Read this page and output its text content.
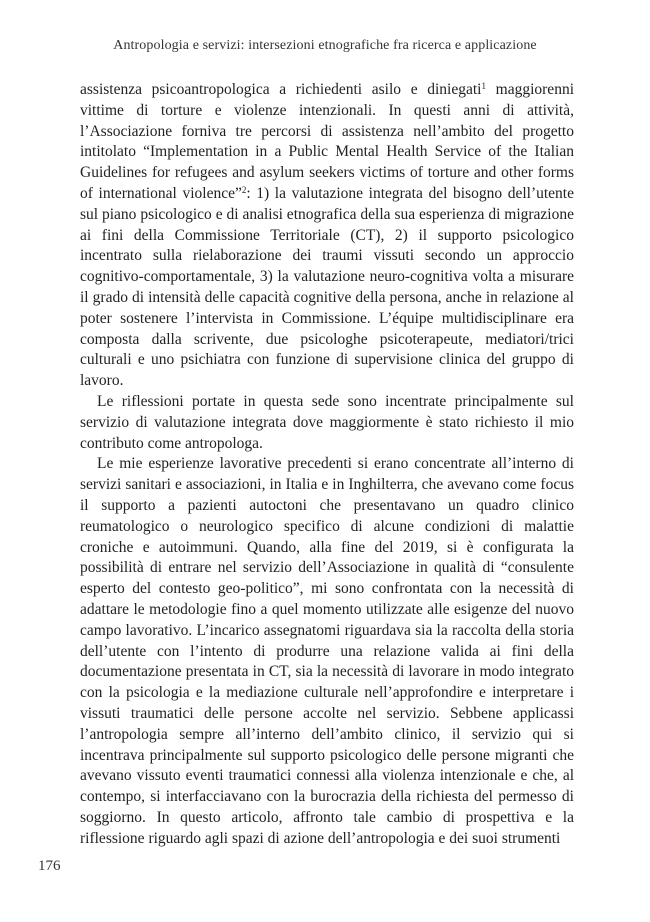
Antropologia e servizi: intersezioni etnografiche fra ricerca e applicazione

assistenza psicoantropologica a richiedenti asilo e diniegati$^1$ maggiorenni vittime di torture e violenze intenzionali. In questi anni di attività, l’Associazione forniva tre percorsi di assistenza nell’ambito del progetto intitolato “Implementation in a Public Mental Health Service of the Italian Guidelines for refugees and asylum seekers victims of torture and other forms of international violence”$^2$: 1) la valutazione integrata del bisogno dell’utente sul piano psicologico e di analisi etnografica della sua esperienza di migrazione ai fini della Commissione Territoriale (CT), 2) il supporto psicologico incentrato sulla rielaborazione dei traumi vissuti secondo un approccio cognitivo-comportamentale, 3) la valutazione neuro-cognitiva volta a misurare il grado di intensità delle capacità cognitive della persona, anche in relazione al poter sostenere l’intervista in Commissione. L’équipe multidisciplinare era composta dalla scrivente, due psicologhe psicoterapeute, mediatori/trici culturali e uno psichiatra con funzione di supervisione clinica del gruppo di lavoro.

Le riflessioni portate in questa sede sono incentrate principalmente sul servizio di valutazione integrata dove maggiormente è stato richiesto il mio contributo come antropologa.

Le mie esperienze lavorative precedenti si erano concentrate all’interno di servizi sanitari e associazioni, in Italia e in Inghilterra, che avevano come focus il supporto a pazienti autoctoni che presentavano un quadro clinico reumatologico o neurologico specifico di alcune condizioni di malattie croniche e autoimmuni. Quando, alla fine del 2019, si è configurata la possibilità di entrare nel servizio dell’Associazione in qualità di “consulente esperto del contesto geo-politico”, mi sono confrontata con la necessità di adattare le metodologie fino a quel momento utilizzate alle esigenze del nuovo campo lavorativo. L’incarico assegnatomi riguardava sia la raccolta della storia dell’utente con l’intento di produrre una relazione valida ai fini della documentazione presentata in CT, sia la necessità di lavorare in modo integrato con la psicologia e la mediazione culturale nell’approfondire e interpretare i vissuti traumatici delle persone accolte nel servizio. Sebbene applicassi l’antropologia sempre all’interno dell’ambito clinico, il servizio qui si incentrava principalmente sul supporto psicologico delle persone migranti che avevano vissuto eventi traumatici connessi alla violenza intenzionale e che, al contempo, si interfacciavano con la burocrazia della richiesta del permesso di soggiorno. In questo articolo, affronto tale cambio di prospettiva e la riflessione riguardo agli spazi di azione dell’antropologia e dei suoi strumenti

176
